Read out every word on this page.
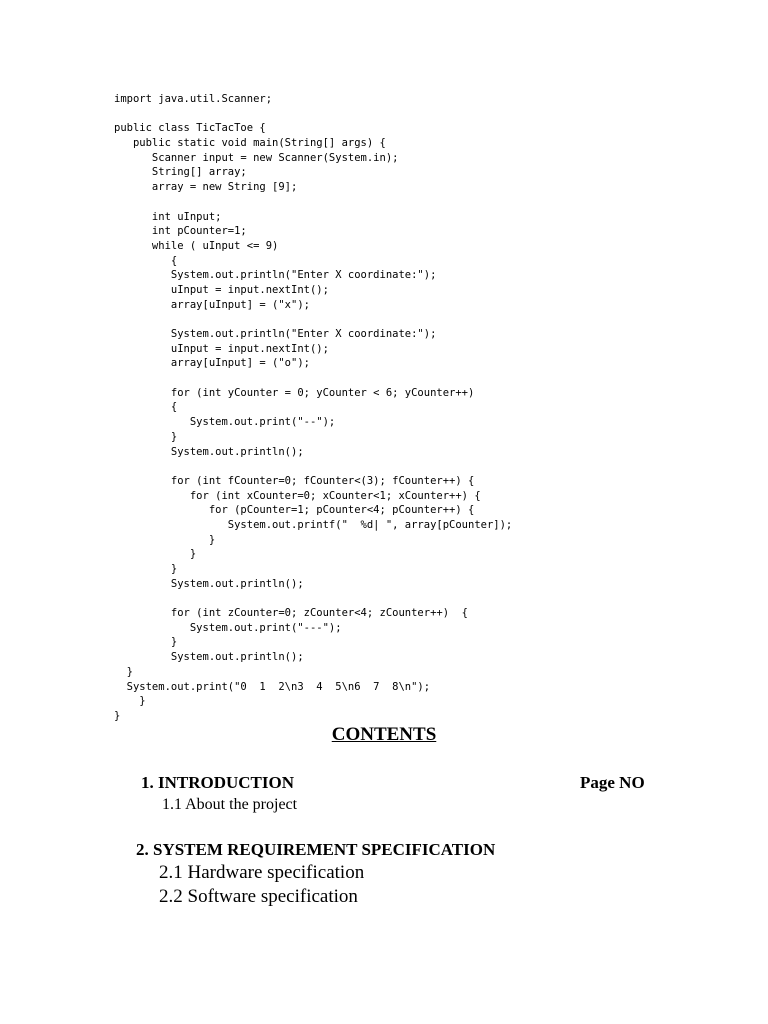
import java.util.Scanner;
public class TicTacToe {
public static void main(String[] args) {
Scanner input = new Scanner(System.in);
String[] array;
array = new String [9];
int uInput;
int pCounter=1;
while ( uInput <= 9)
{
System.out.println("Enter X coordinate:");
uInput = input.nextInt();
array[uInput] = ("x");
System.out.println("Enter X coordinate:");
uInput = input.nextInt();
array[uInput] = ("o");
for (int yCounter = 0; yCounter < 6; yCounter++)
{
System.out.print("--");
}
System.out.println();
for (int fCounter=0; fCounter<(3); fCounter++) {
for (int xCounter=0; xCounter<1; xCounter++) {
for (pCounter=1; pCounter<4; pCounter++) {
System.out.printf("  %d| ", array[pCounter]);
}
}
}
System.out.println();
for (int zCounter=0; zCounter<4; zCounter++)  {
System.out.print("---");
}
System.out.println();
}
System.out.print("0  1  2\n3  4  5\n6  7  8\n");
}
}
CONTENTS
1. INTRODUCTION	Page NO
1.1 About the project
2. SYSTEM REQUIREMENT SPECIFICATION
2.1 Hardware specification
2.2 Software specification
